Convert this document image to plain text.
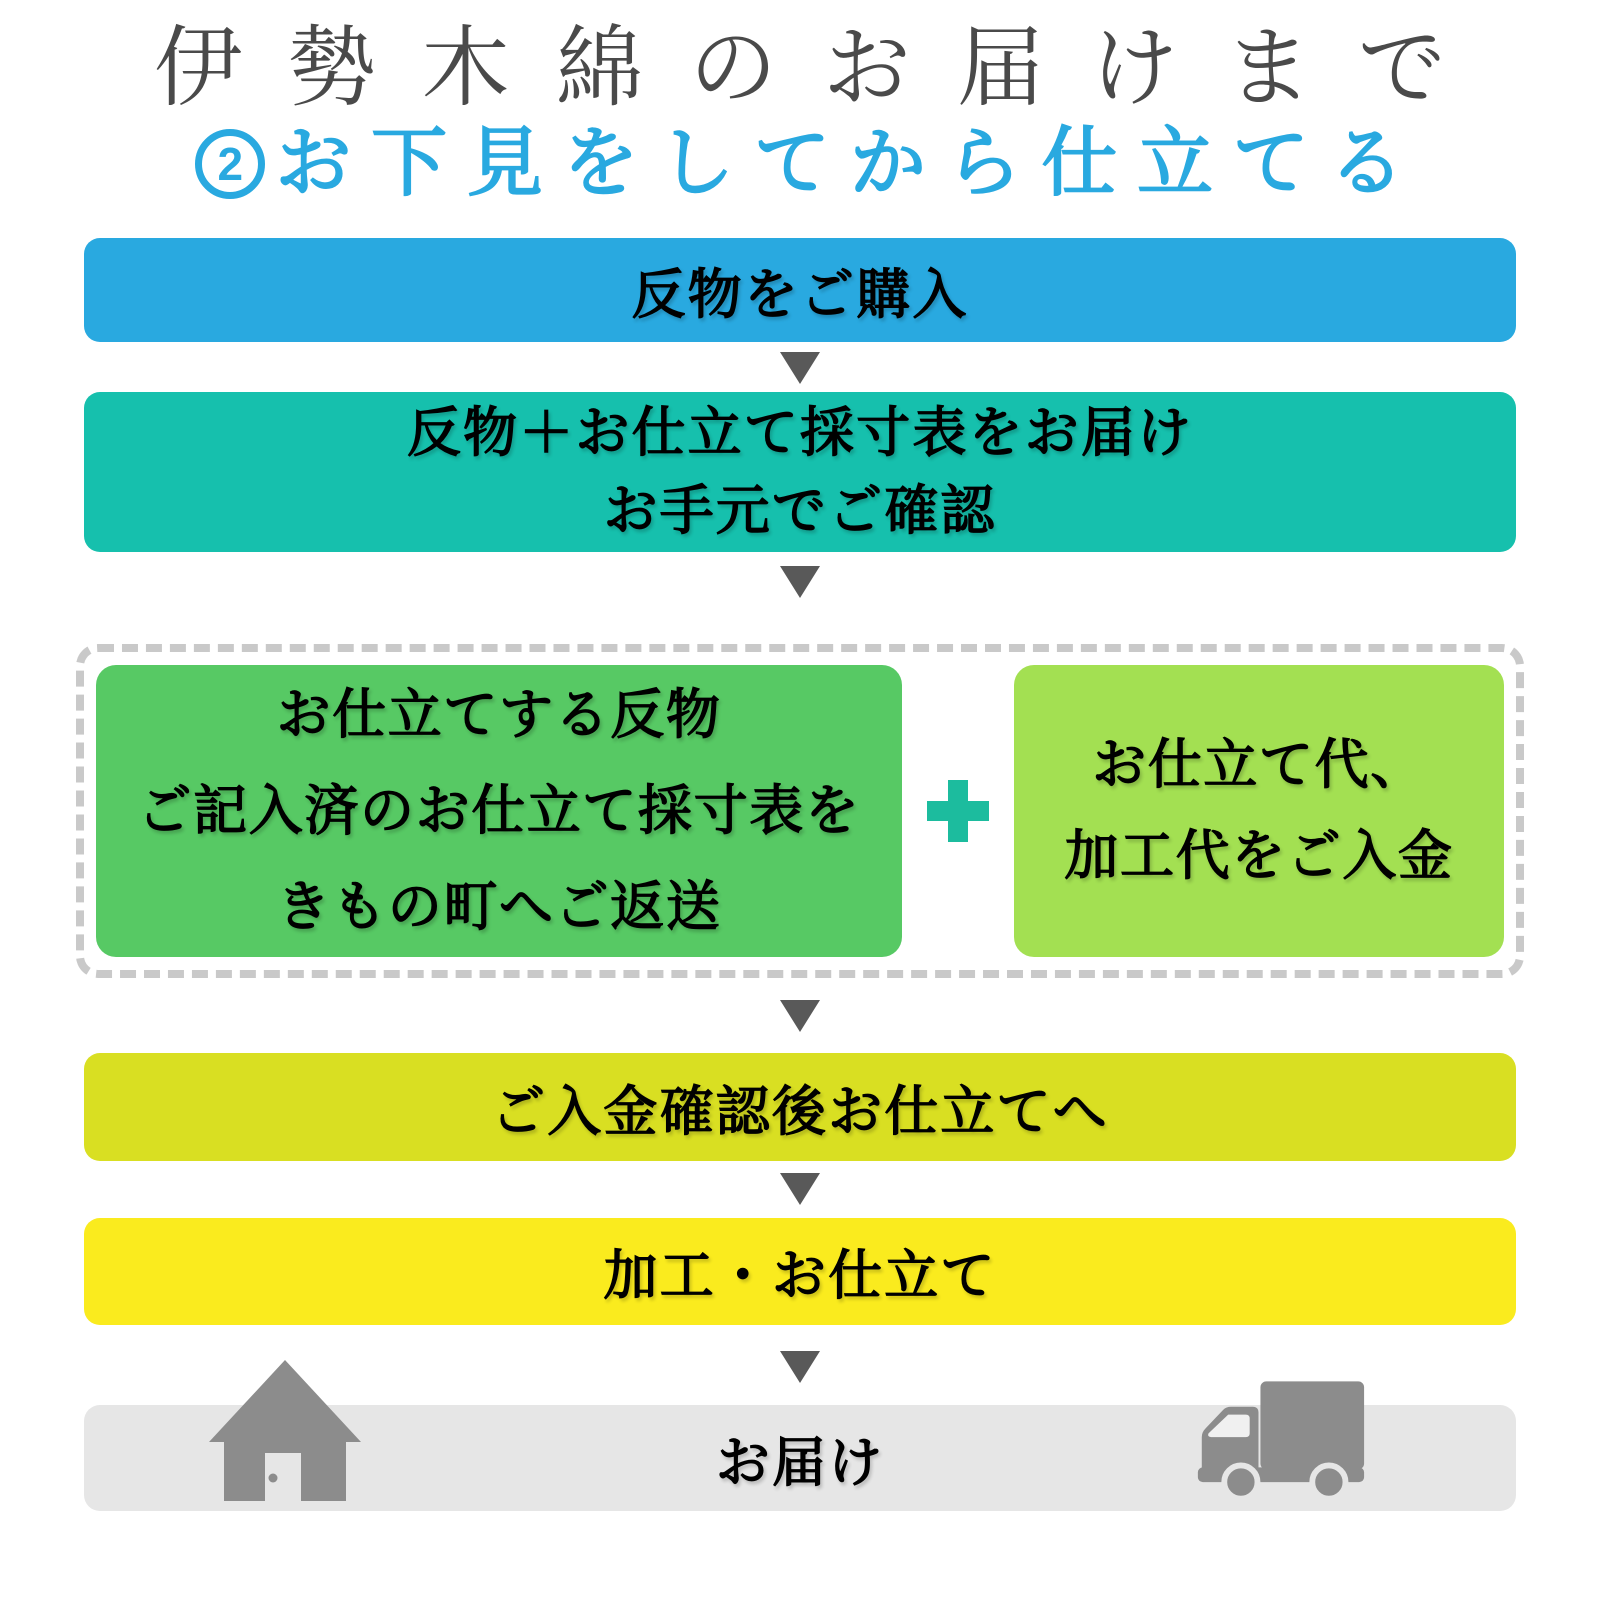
伊勢木綿のお届けまで
2 お下見をしてから仕立てる
反物をご購入
反物＋お仕立て採寸表をお届け
お手元でご確認
お仕立てする反物
ご記入済のお仕立て採寸表を
きもの町へご返送
お仕立て代、
加工代をご入金
ご入金確認後お仕立てへ
加工・お仕立て
お届け
